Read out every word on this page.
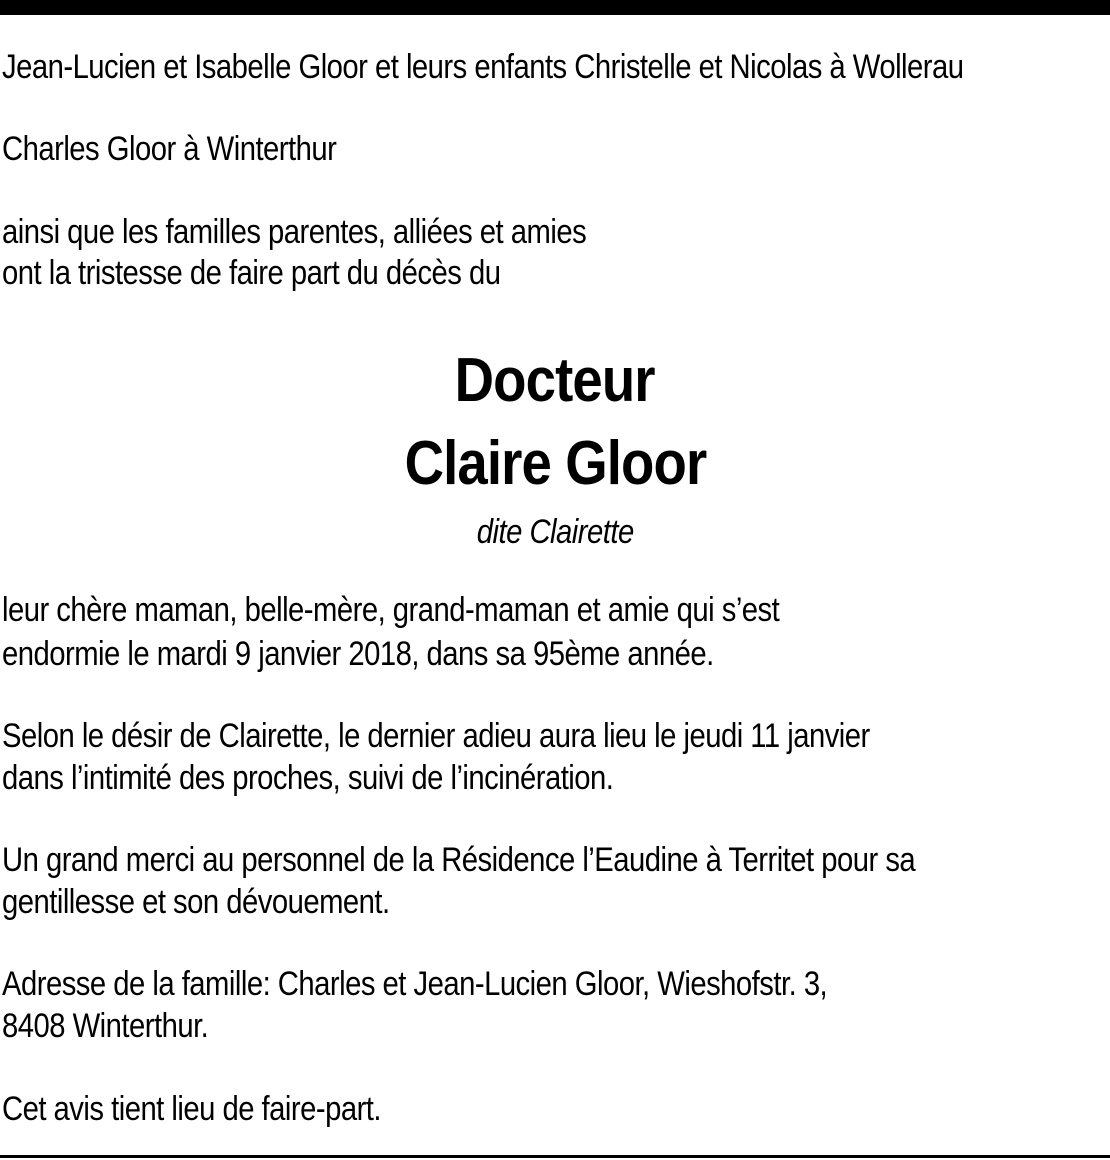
Jean-Lucien et Isabelle Gloor et leurs enfants Christelle et Nicolas à Wollerau
Charles Gloor à Winterthur
ainsi que les familles parentes, alliées et amies
ont la tristesse de faire part du décès du
Docteur
Claire Gloor
dite Clairette
leur chère maman, belle-mère, grand-maman et amie qui s’est
endormie le mardi 9 janvier 2018, dans sa 95ème année.
Selon le désir de Clairette, le dernier adieu aura lieu le jeudi 11 janvier
dans l’intimité des proches, suivi de l’incinération.
Un grand merci au personnel de la Résidence l’Eaudine à Territet pour sa
gentillesse et son dévouement.
Adresse de la famille: Charles et Jean-Lucien Gloor, Wieshofstr. 3,
8408 Winterthur.
Cet avis tient lieu de faire-part.
